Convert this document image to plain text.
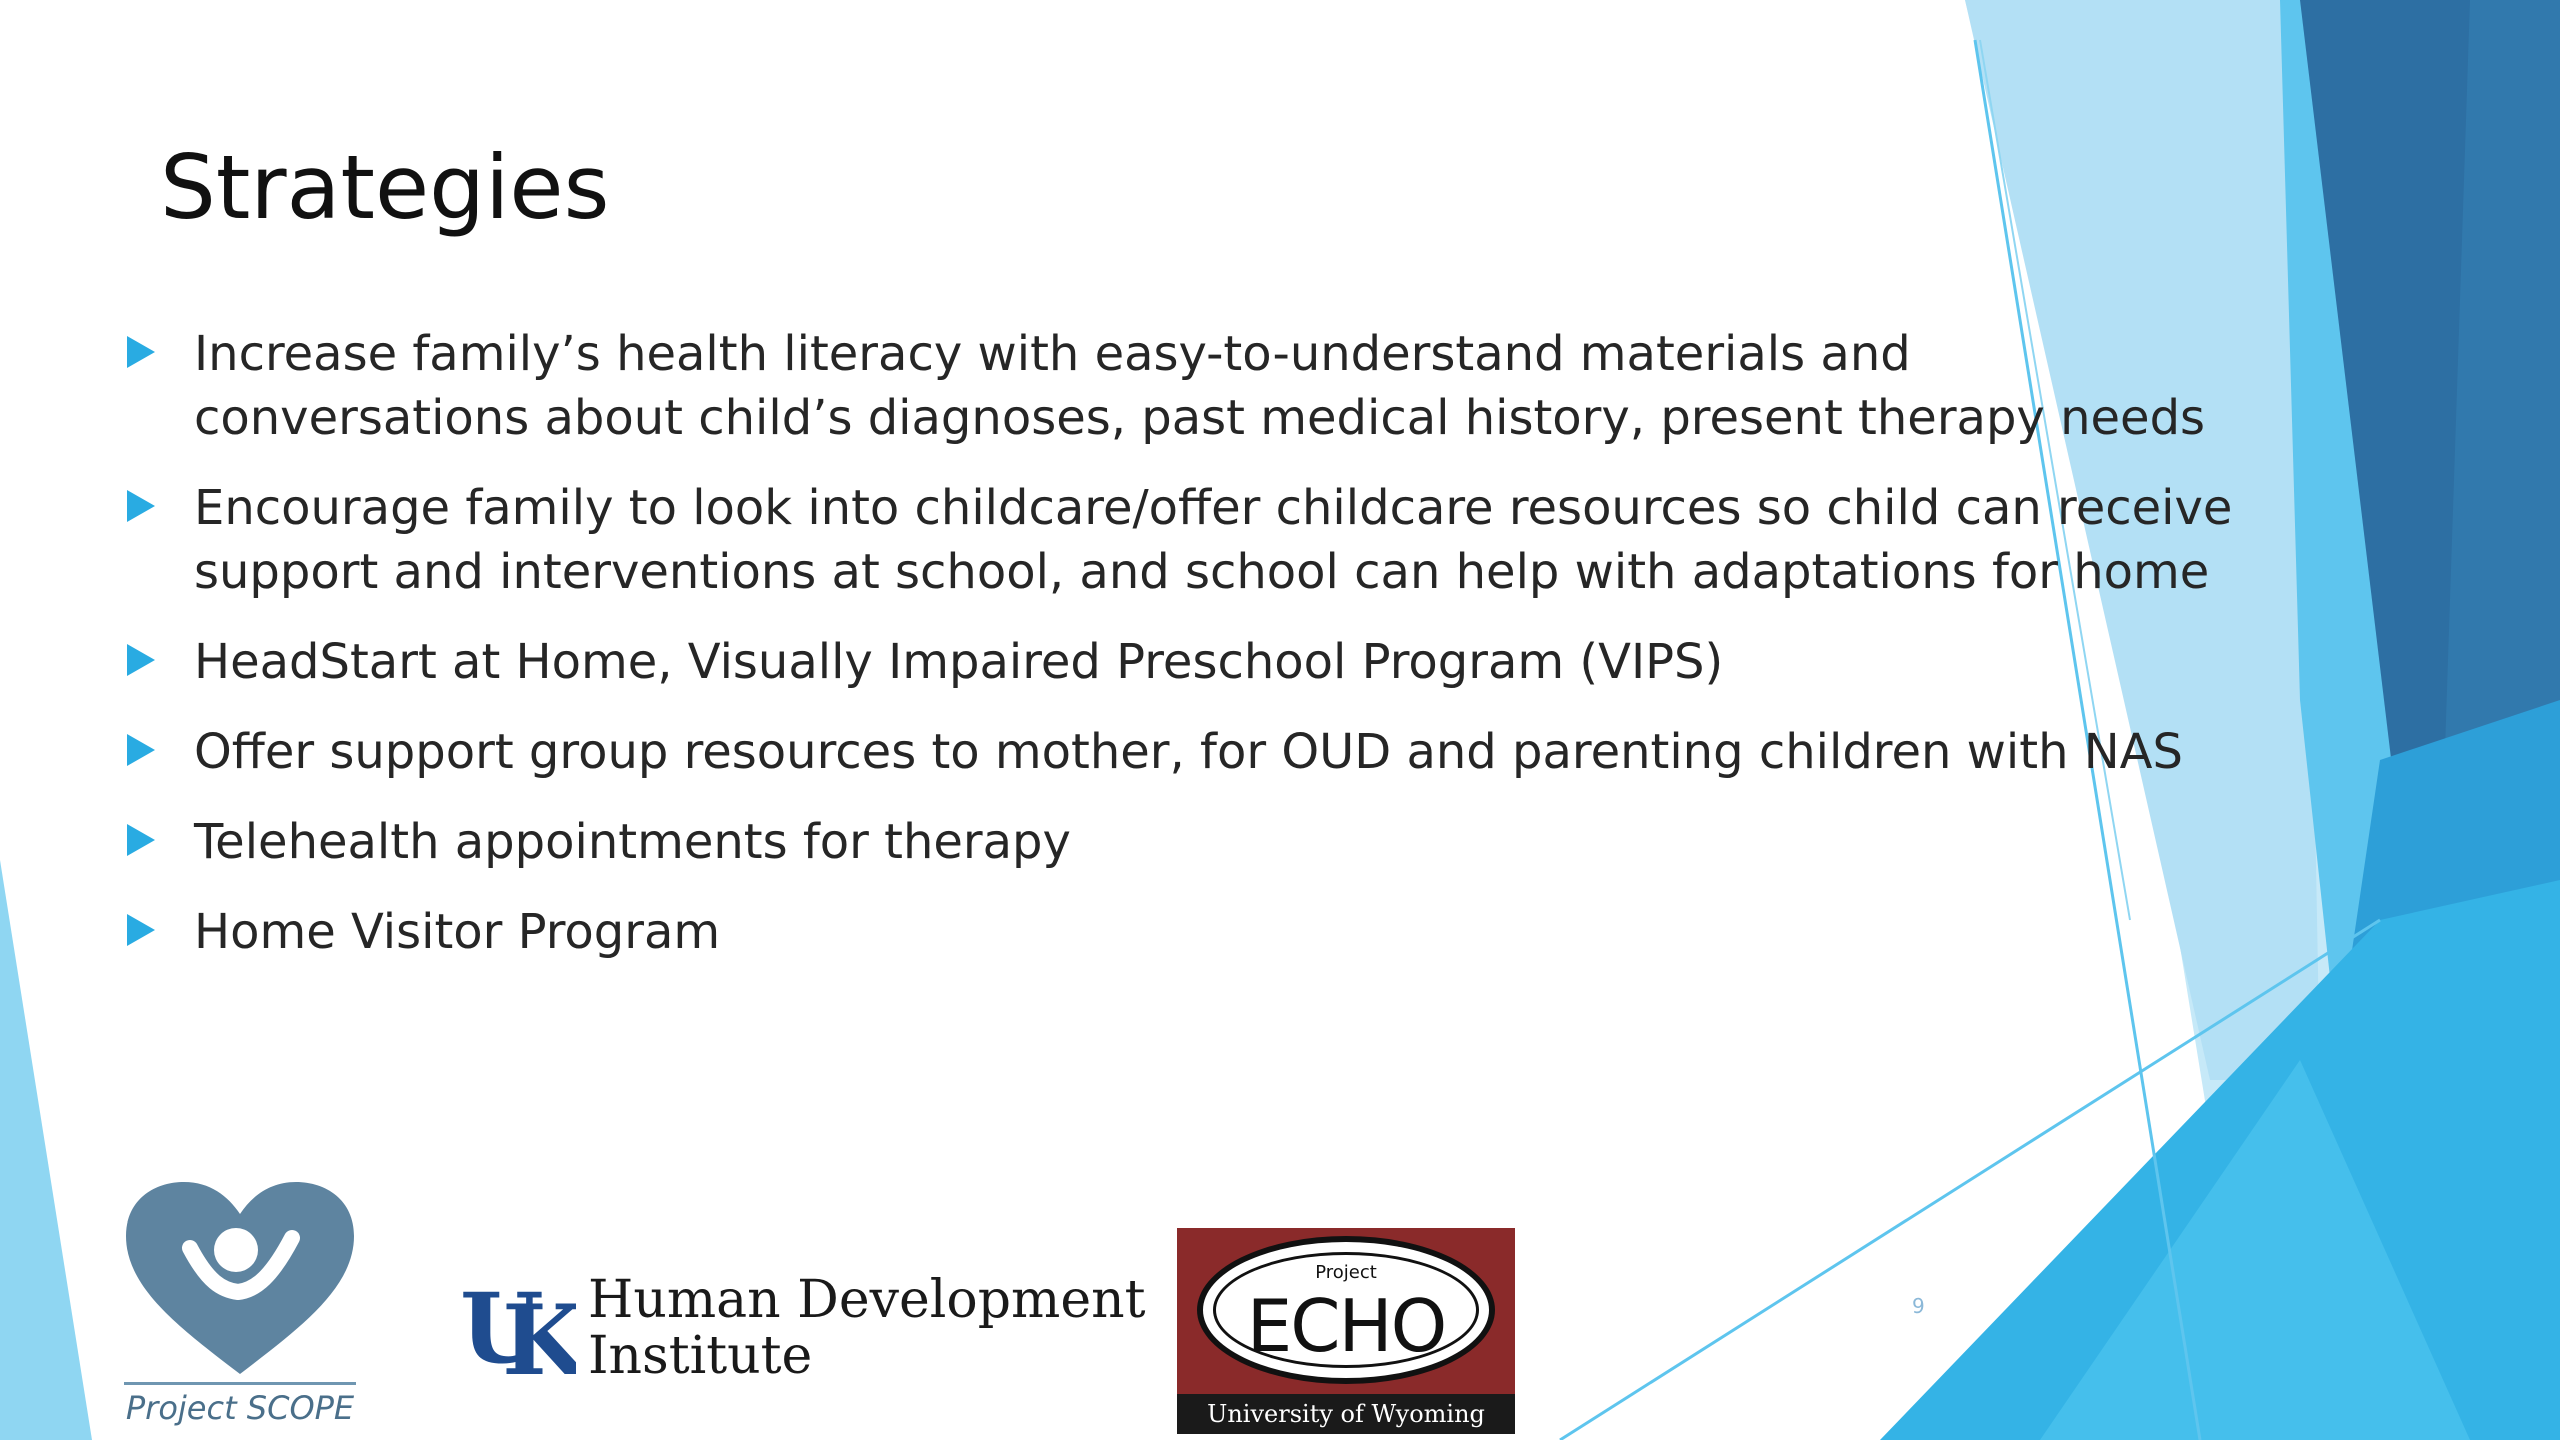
Strategies
Increase family’s health literacy with easy-to-understand materials and conversations about child’s diagnoses, past medical history, present therapy needs
Encourage family to look into childcare/offer childcare resources so child can receive support and interventions at school, and school can help with adaptations for home
HeadStart at Home, Visually Impaired Preschool Program (VIPS)
Offer support group resources to mother, for OUD and parenting children with NAS
Telehealth appointments for therapy
Home Visitor Program
Project SCOPE
U
K Human Development
Institute
Project
ECHO
University of Wyoming
9
